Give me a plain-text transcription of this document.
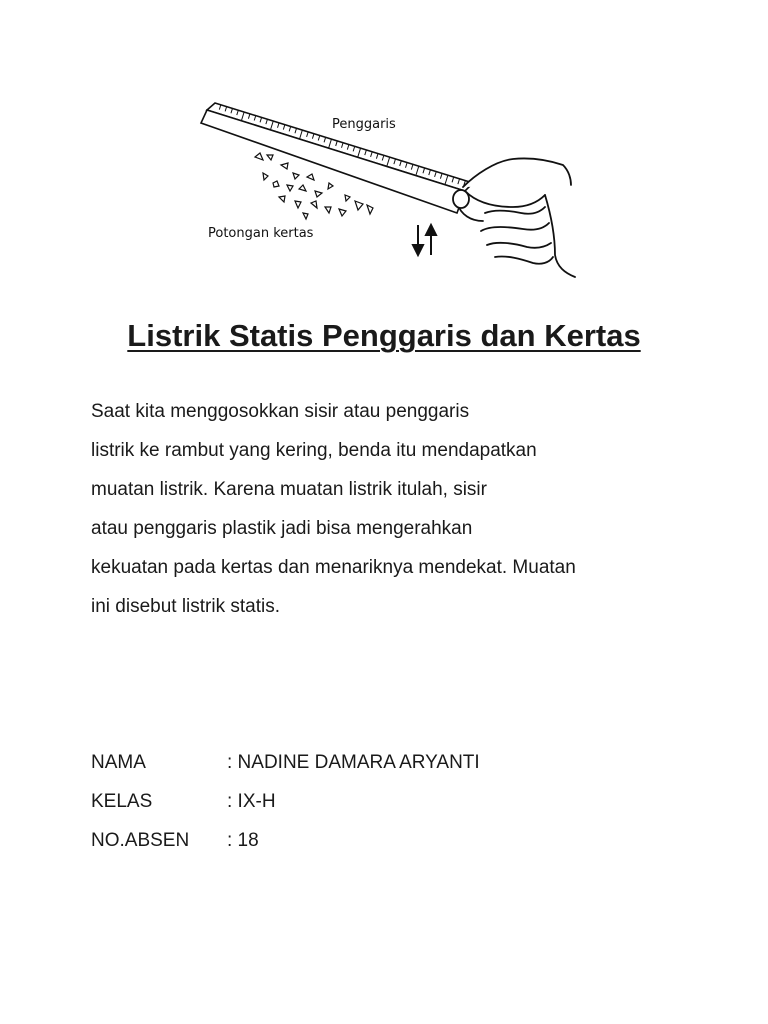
Penggaris
Potongan kertas
Listrik Statis Penggaris dan Kertas
Saat kita menggosokkan sisir atau penggaris
listrik ke rambut yang kering, benda itu mendapatkan
muatan listrik. Karena muatan listrik itulah, sisir
atau penggaris plastik jadi bisa mengerahkan
kekuatan pada kertas dan menariknya mendekat. Muatan
ini disebut listrik statis.
NAMA	: NADINE DAMARA ARYANTI
KELAS	: IX-H
NO.ABSEN	: 18
